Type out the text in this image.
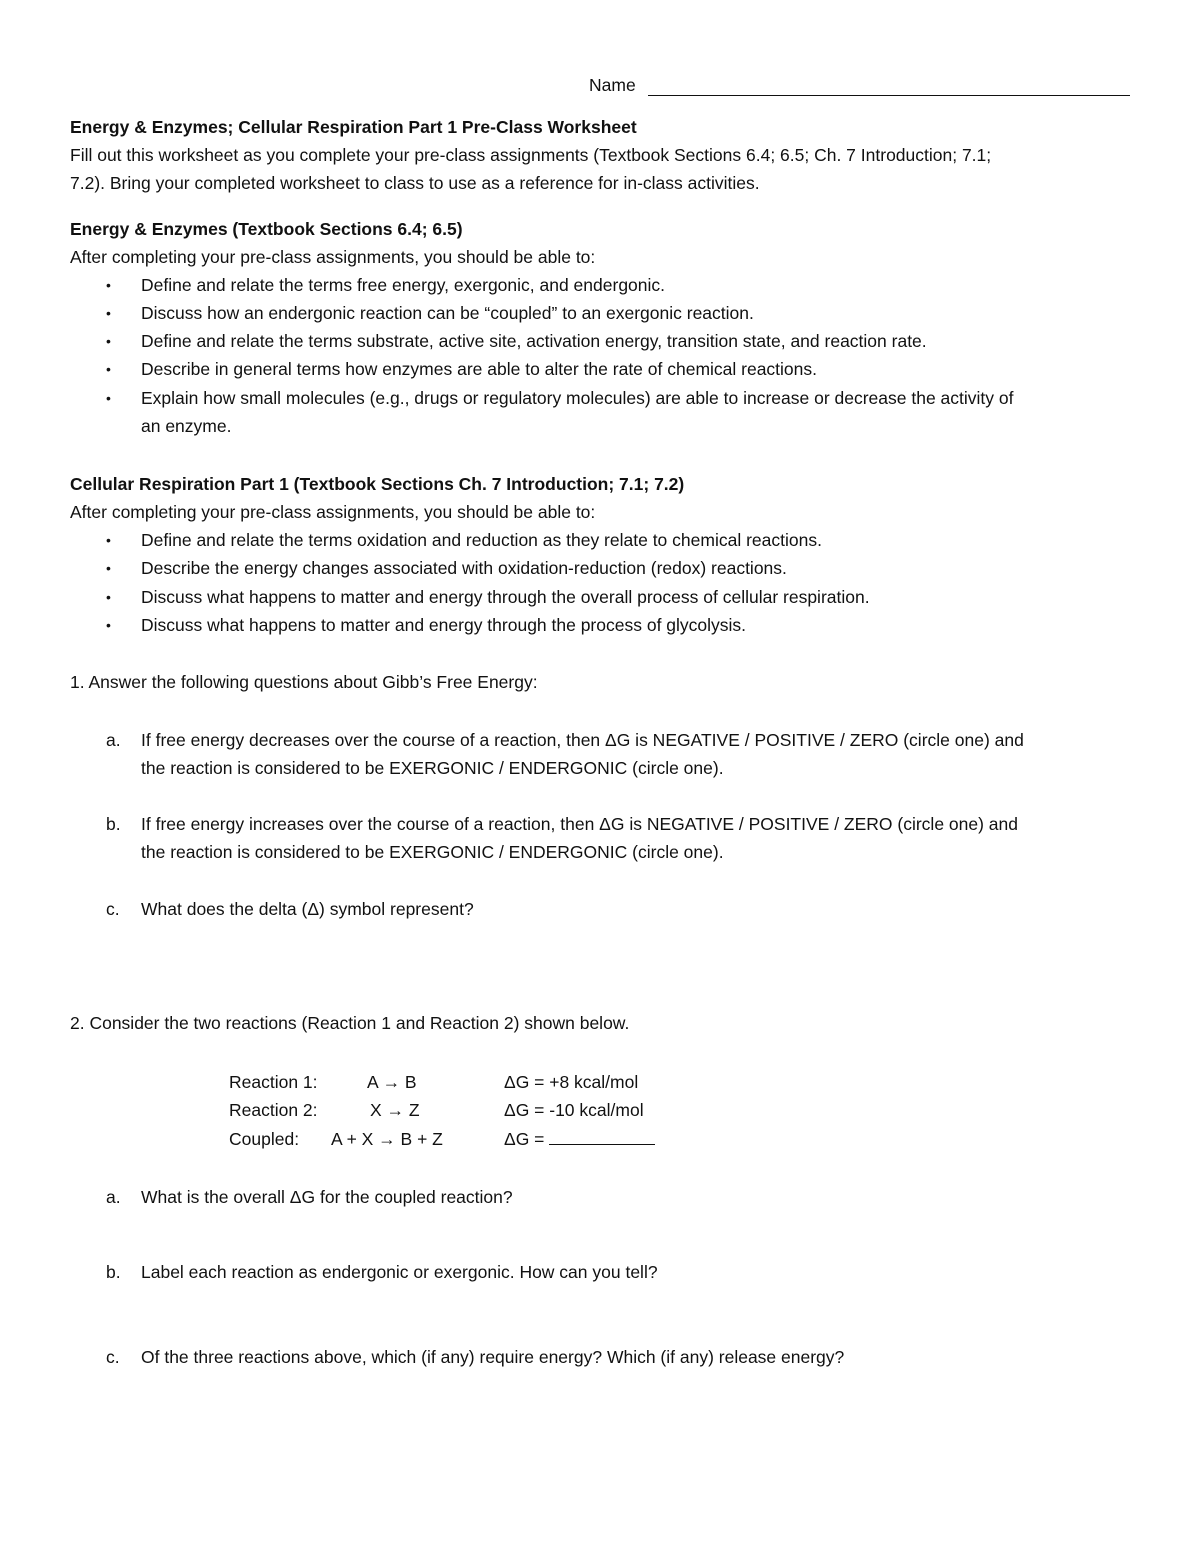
Name
Energy & Enzymes; Cellular Respiration Part 1 Pre-Class Worksheet
Fill out this worksheet as you complete your pre-class assignments (Textbook Sections 6.4; 6.5; Ch. 7 Introduction; 7.1;
7.2). Bring your completed worksheet to class to use as a reference for in-class activities.
Energy & Enzymes (Textbook Sections 6.4; 6.5)
After completing your pre-class assignments, you should be able to:
• Define and relate the terms free energy, exergonic, and endergonic.
• Discuss how an endergonic reaction can be “coupled” to an exergonic reaction.
• Define and relate the terms substrate, active site, activation energy, transition state, and reaction rate.
• Describe in general terms how enzymes are able to alter the rate of chemical reactions.
• Explain how small molecules (e.g., drugs or regulatory molecules) are able to increase or decrease the activity of
an enzyme.
Cellular Respiration Part 1 (Textbook Sections Ch. 7 Introduction; 7.1; 7.2)
After completing your pre-class assignments, you should be able to:
• Define and relate the terms oxidation and reduction as they relate to chemical reactions.
• Describe the energy changes associated with oxidation-reduction (redox) reactions.
• Discuss what happens to matter and energy through the overall process of cellular respiration.
• Discuss what happens to matter and energy through the process of glycolysis.
1. Answer the following questions about Gibb’s Free Energy:
a. If free energy decreases over the course of a reaction, then ΔG is NEGATIVE / POSITIVE / ZERO (circle one) and
the reaction is considered to be EXERGONIC / ENDERGONIC (circle one).
b. If free energy increases over the course of a reaction, then ΔG is NEGATIVE / POSITIVE / ZERO (circle one) and
the reaction is considered to be EXERGONIC / ENDERGONIC (circle one).
c. What does the delta (Δ) symbol represent?
2. Consider the two reactions (Reaction 1 and Reaction 2) shown below.
Reaction 1:	A → B	ΔG = +8 kcal/mol
Reaction 2:	X → Z	ΔG = -10 kcal/mol
Coupled: A + X → B + Z	ΔG =
a. What is the overall ΔG for the coupled reaction?
b. Label each reaction as endergonic or exergonic. How can you tell?
c. Of the three reactions above, which (if any) require energy? Which (if any) release energy?
